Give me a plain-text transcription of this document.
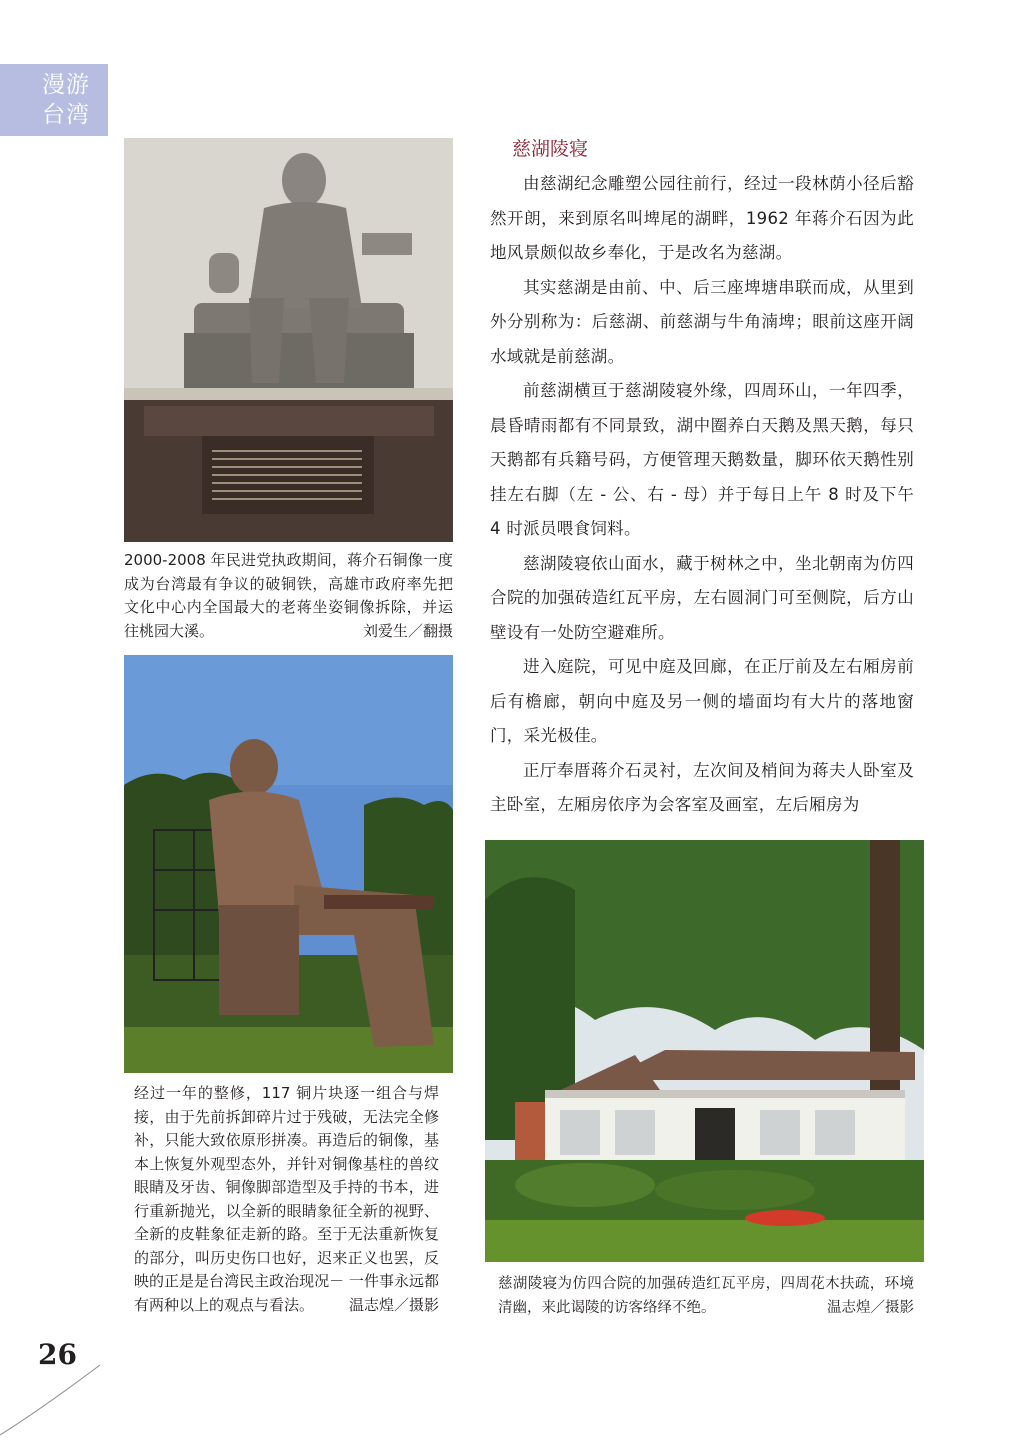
漫游台湾
2000-2008 年民进党执政期间，蒋介石铜像一度成为台湾最有争议的破铜铁，高雄市政府率先把文化中心内全国最大的老蒋坐姿铜像拆除，并运往桃园大溪。	刘爱生／翻摄
经过一年的整修，117 铜片块逐一组合与焊接，由于先前拆卸碎片过于残破，无法完全修补，只能大致依原形拼凑。再造后的铜像，基本上恢复外观型态外，并针对铜像基柱的兽纹眼睛及牙齿、铜像脚部造型及手持的书本，进行重新抛光，以全新的眼睛象征全新的视野、全新的皮鞋象征走新的路。至于无法重新恢复的部分，叫历史伤口也好，迟来正义也罢，反映的正是是台湾民主政治现况－ 一件事永远都有两种以上的观点与看法。 温志煌／摄影
慈湖陵寝

由慈湖纪念雕塑公园往前行，经过一段林荫小径后豁然开朗，来到原名叫埤尾的湖畔，1962 年蒋介石因为此地风景颇似故乡奉化，于是改名为慈湖。

其实慈湖是由前、中、后三座埤塘串联而成，从里到外分别称为：后慈湖、前慈湖与牛角湳埤；眼前这座开阔水域就是前慈湖。

前慈湖横亘于慈湖陵寝外缘，四周环山，一年四季，晨昏晴雨都有不同景致，湖中圈养白天鹅及黑天鹅，每只天鹅都有兵籍号码，方便管理天鹅数量，脚环依天鹅性别挂左右脚（左 - 公、右 - 母）并于每日上午 8 时及下午 4 时派员喂食饲料。

慈湖陵寝依山面水，藏于树林之中，坐北朝南为仿四合院的加强砖造红瓦平房，左右圆洞门可至侧院，后方山壁设有一处防空避难所。

进入庭院，可见中庭及回廊，在正厅前及左右厢房前后有檐廊，朝向中庭及另一侧的墙面均有大片的落地窗门，采光极佳。

正厅奉厝蒋介石灵衬，左次间及梢间为蒋夫人卧室及主卧室，左厢房依序为会客室及画室，左后厢房为

慈湖陵寝为仿四合院的加强砖造红瓦平房，四周花木扶疏，环境清幽，来此谒陵的访客络绎不绝。	温志煌／摄影
26
